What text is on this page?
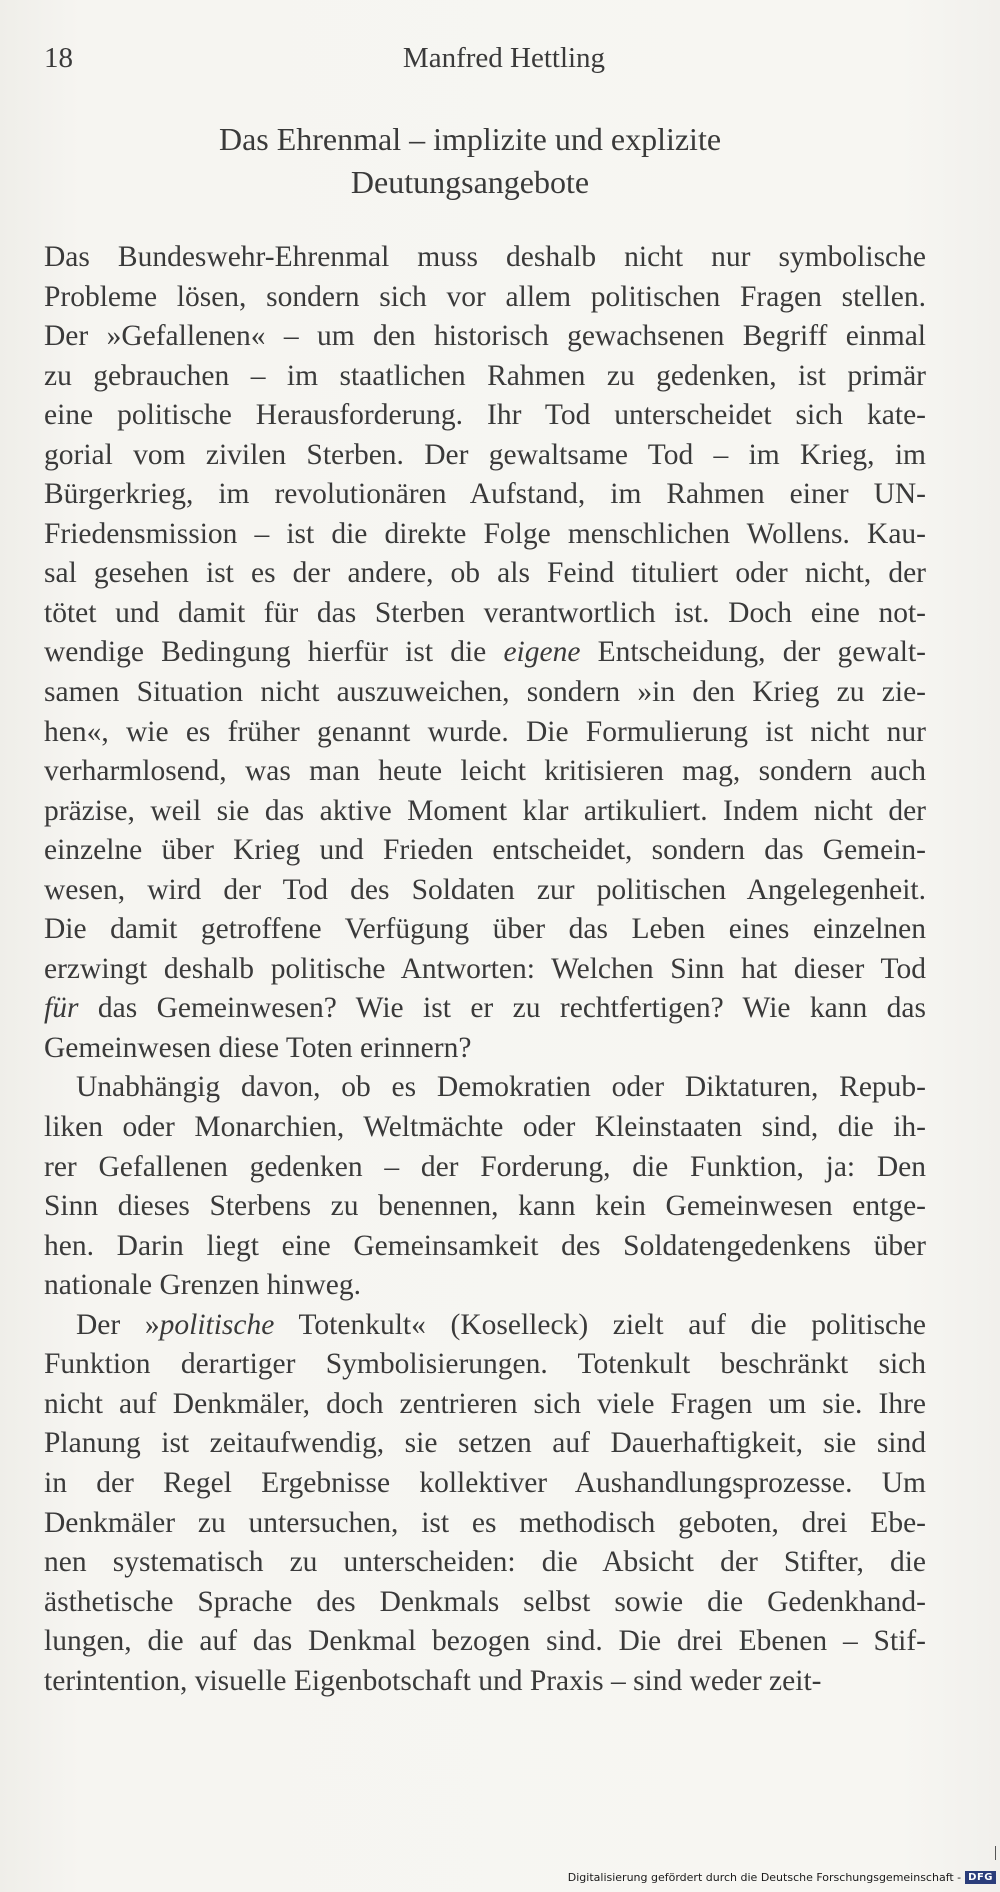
18	Manfred Hettling
Das Ehrenmal – implizite und explizite
Deutungsangebote
Das Bundeswehr-Ehrenmal muss deshalb nicht nur symbolische
Probleme lösen, sondern sich vor allem politischen Fragen stellen.
Der »Gefallenen« – um den historisch gewachsenen Begriff einmal
zu gebrauchen – im staatlichen Rahmen zu gedenken, ist primär
eine politische Herausforderung. Ihr Tod unterscheidet sich kate-
gorial vom zivilen Sterben. Der gewaltsame Tod – im Krieg, im
Bürgerkrieg, im revolutionären Aufstand, im Rahmen einer UN-
Friedensmission – ist die direkte Folge menschlichen Wollens. Kau-
sal gesehen ist es der andere, ob als Feind tituliert oder nicht, der
tötet und damit für das Sterben verantwortlich ist. Doch eine not-
wendige Bedingung hierfür ist die eigene Entscheidung, der gewalt-
samen Situation nicht auszuweichen, sondern »in den Krieg zu zie-
hen«, wie es früher genannt wurde. Die Formulierung ist nicht nur
verharmlosend, was man heute leicht kritisieren mag, sondern auch
präzise, weil sie das aktive Moment klar artikuliert. Indem nicht der
einzelne über Krieg und Frieden entscheidet, sondern das Gemein-
wesen, wird der Tod des Soldaten zur politischen Angelegenheit.
Die damit getroffene Verfügung über das Leben eines einzelnen
erzwingt deshalb politische Antworten: Welchen Sinn hat dieser Tod
für das Gemeinwesen? Wie ist er zu rechtfertigen? Wie kann das
Gemeinwesen diese Toten erinnern?
Unabhängig davon, ob es Demokratien oder Diktaturen, Repub-
liken oder Monarchien, Weltmächte oder Kleinstaaten sind, die ih-
rer Gefallenen gedenken – der Forderung, die Funktion, ja: Den
Sinn dieses Sterbens zu benennen, kann kein Gemeinwesen entge-
hen. Darin liegt eine Gemeinsamkeit des Soldatengedenkens über
nationale Grenzen hinweg.
Der »politische Totenkult« (Koselleck) zielt auf die politische
Funktion derartiger Symbolisierungen. Totenkult beschränkt sich
nicht auf Denkmäler, doch zentrieren sich viele Fragen um sie. Ihre
Planung ist zeitaufwendig, sie setzen auf Dauerhaftigkeit, sie sind
in der Regel Ergebnisse kollektiver Aushandlungsprozesse. Um
Denkmäler zu untersuchen, ist es methodisch geboten, drei Ebe-
nen systematisch zu unterscheiden: die Absicht der Stifter, die
ästhetische Sprache des Denkmals selbst sowie die Gedenkhand-
lungen, die auf das Denkmal bezogen sind. Die drei Ebenen – Stif-
terintention, visuelle Eigenbotschaft und Praxis – sind weder zeit-
Digitalisierung gefördert durch die Deutsche Forschungsgemeinschaft - DFG
